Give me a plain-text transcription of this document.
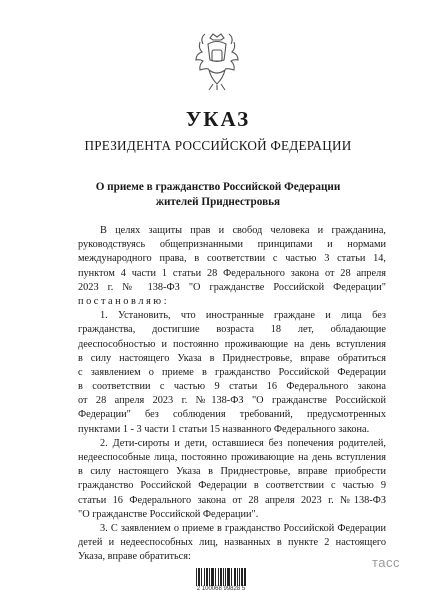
УКАЗ
ПРЕЗИДЕНТА РОССИЙСКОЙ ФЕДЕРАЦИИ
О приеме в гражданство Российской Федерации
жителей Приднестровья
В целях защиты прав и свобод человека и гражданина,
руководствуясь общепризнанными принципами и нормами
международного права, в соответствии с частью 3 статьи 14,
пунктом 4 части 1 статьи 28 Федерального закона от 28 апреля
2023 г. № 138-ФЗ "О гражданстве Российской Федерации"
п о с т а н о в л я ю :
1. Установить, что иностранные граждане и лица без
гражданства, достигшие возраста 18 лет, обладающие
дееспособностью и постоянно проживающие на день вступления
в силу настоящего Указа в Приднестровье, вправе обратиться
с заявлением о приеме в гражданство Российской Федерации
в соответствии с частью 9 статьи 16 Федерального закона
от 28 апреля 2023 г. №138-ФЗ "О гражданстве Российской
Федерации" без соблюдения требований, предусмотренных
пунктами 1 - 3 части 1 статьи 15 названного Федерального закона.
2. Дети-сироты и дети, оставшиеся без попечения родителей,
недееспособные лица, постоянно проживающие на день вступления
в силу настоящего Указа в Приднестровье, вправе приобрести
гражданство Российской Федерации в соответствии с частью 9
статьи 16 Федерального закона от 28 апреля 2023 г. №138-ФЗ
"О гражданстве Российской Федерации".
3. С заявлением о приеме в гражданство Российской Федерации
детей и недееспособных лиц, названных в пункте 2 настоящего
Указа, вправе обратиться:
2 100068 99828 5
тасс
